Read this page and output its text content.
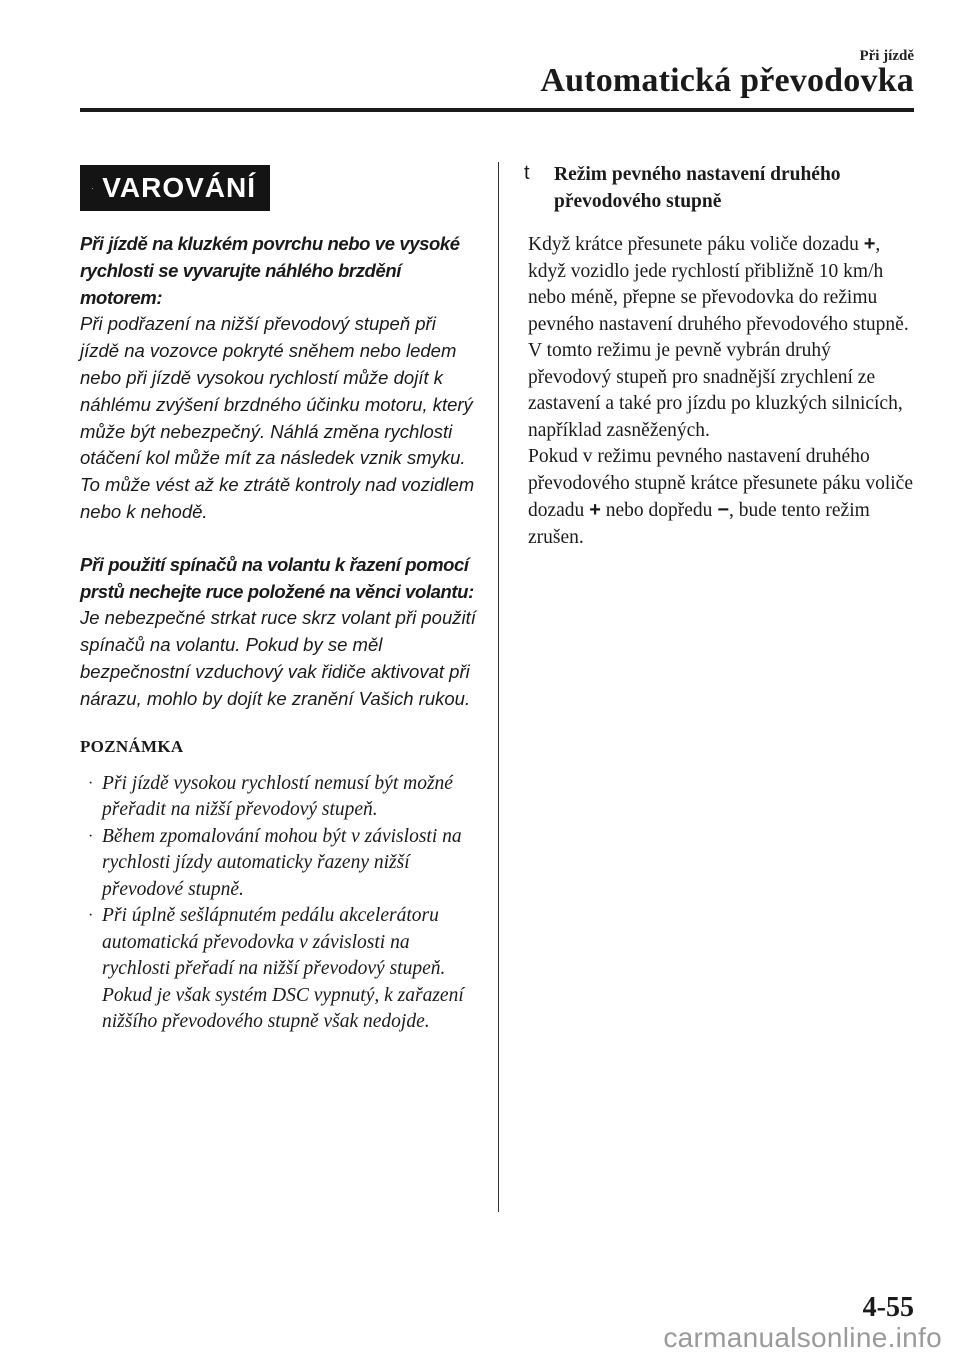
Při jízdě
Automatická převodovka
VAROVÁNÍ

Při jízdě na kluzkém povrchu nebo ve vysoké rychlosti se vyvarujte náhlého brzdění motorem:
Při podřazení na nižší převodový stupeň při jízdě na vozovce pokryté sněhem nebo ledem nebo při jízdě vysokou rychlostí může dojít k náhlému zvýšení brzdného účinku motoru, který může být nebezpečný. Náhlá změna rychlosti otáčení kol může mít za následek vznik smyku. To může vést až ke ztrátě kontroly nad vozidlem nebo k nehodě.

Při použití spínačů na volantu k řazení pomocí prstů nechejte ruce položené na věnci volantu:
Je nebezpečné strkat ruce skrz volant při použití spínačů na volantu. Pokud by se měl bezpečnostní vzduchový vak řidiče aktivovat při nárazu, mohlo by dojít ke zranění Vašich rukou.

POZNÁMKA
· Při jízdě vysokou rychlostí nemusí být možné přeřadit na nižší převodový stupeň.
· Během zpomalování mohou být v závislosti na rychlosti jízdy automaticky řazeny nižší převodové stupně.
· Při úplně sešlápnutém pedálu akcelerátoru automatická převodovka v závislosti na rychlosti přeřadí na nižší převodový stupeň. Pokud je však systém DSC vypnutý, k zařazení nižšího převodového stupně však nedojde.
t Režim pevného nastavení druhého převodového stupně

Když krátce přesunete páku voliče dozadu +, když vozidlo jede rychlostí přibližně 10 km/h nebo méně, přepne se převodovka do režimu pevného nastavení druhého převodového stupně. V tomto režimu je pevně vybrán druhý převodový stupeň pro snadnější zrychlení ze zastavení a také pro jízdu po kluzkých silnicích, například zasněžených.

Pokud v režimu pevného nastavení druhého převodového stupně krátce přesunete páku voliče dozadu + nebo dopředu −, bude tento režim zrušen.

4-55
carmanualsonline.info
